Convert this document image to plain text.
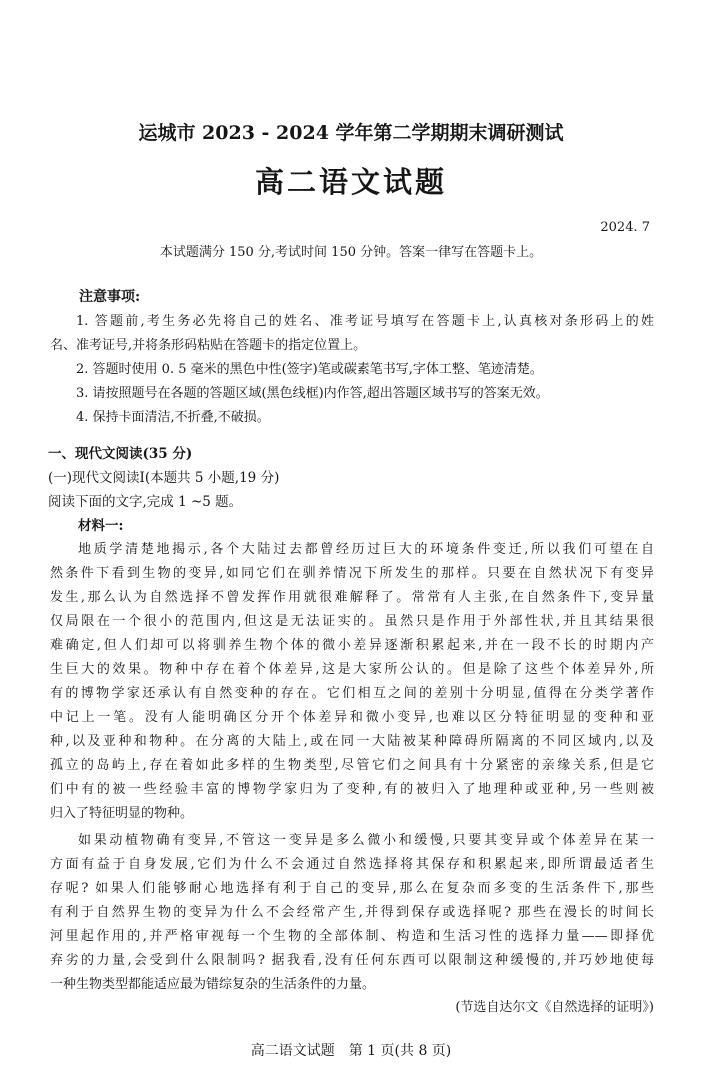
运城市 2023 - 2024 学年第二学期期末调研测试
高二语文试题
2024. 7
本试题满分 150 分,考试时间 150 分钟。答案一律写在答题卡上。
注意事项:
1. 答题前,考生务必先将自己的姓名、准考证号填写在答题卡上,认真核对条形码上的姓
名、准考证号,并将条形码粘贴在答题卡的指定位置上。
2. 答题时使用 0. 5 毫米的黑色中性(签字)笔或碳素笔书写,字体工整、笔迹清楚。
3. 请按照题号在各题的答题区域(黑色线框)内作答,超出答题区域书写的答案无效。
4. 保持卡面清洁,不折叠,不破损。
一、现代文阅读(35 分)
(一)现代文阅读Ⅰ(本题共 5 小题,19 分)
阅读下面的文字,完成 1 ~5 题。
材料一:
地质学清楚地揭示,各个大陆过去都曾经历过巨大的环境条件变迁,所以我们可望在自
然条件下看到生物的变异,如同它们在驯养情况下所发生的那样。只要在自然状况下有变异
发生,那么认为自然选择不曾发挥作用就很难解释了。常常有人主张,在自然条件下,变异量
仅局限在一个很小的范围内,但这是无法证实的。虽然只是作用于外部性状,并且其结果很
难确定,但人们却可以将驯养生物个体的微小差异逐渐积累起来,并在一段不长的时期内产
生巨大的效果。物种中存在着个体差异,这是大家所公认的。但是除了这些个体差异外,所
有的博物学家还承认有自然变种的存在。它们相互之间的差别十分明显,值得在分类学著作
中记上一笔。没有人能明确区分开个体差异和微小变异,也难以区分特征明显的变种和亚
种,以及亚种和物种。在分离的大陆上,或在同一大陆被某种障碍所隔离的不同区域内,以及
孤立的岛屿上,存在着如此多样的生物类型,尽管它们之间具有十分紧密的亲缘关系,但是它
们中有的被一些经验丰富的博物学家归为了变种,有的被归入了地理种或亚种,另一些则被
归入了特征明显的物种。
如果动植物确有变异,不管这一变异是多么微小和缓慢,只要其变异或个体差异在某一
方面有益于自身发展,它们为什么不会通过自然选择将其保存和积累起来,即所谓最适者生
存呢? 如果人们能够耐心地选择有利于自己的变异,那么在复杂而多变的生活条件下,那些
有利于自然界生物的变异为什么不会经常产生,并得到保存或选择呢? 那些在漫长的时间长
河里起作用的,并严格审视每一个生物的全部体制、构造和生活习性的选择力量——即择优
弃劣的力量,会受到什么限制吗? 据我看,没有任何东西可以限制这种缓慢的,并巧妙地使每
一种生物类型都能适应最为错综复杂的生活条件的力量。
(节选自达尔文《自然选择的证明》)
高二语文试题　第 1 页(共 8 页)
